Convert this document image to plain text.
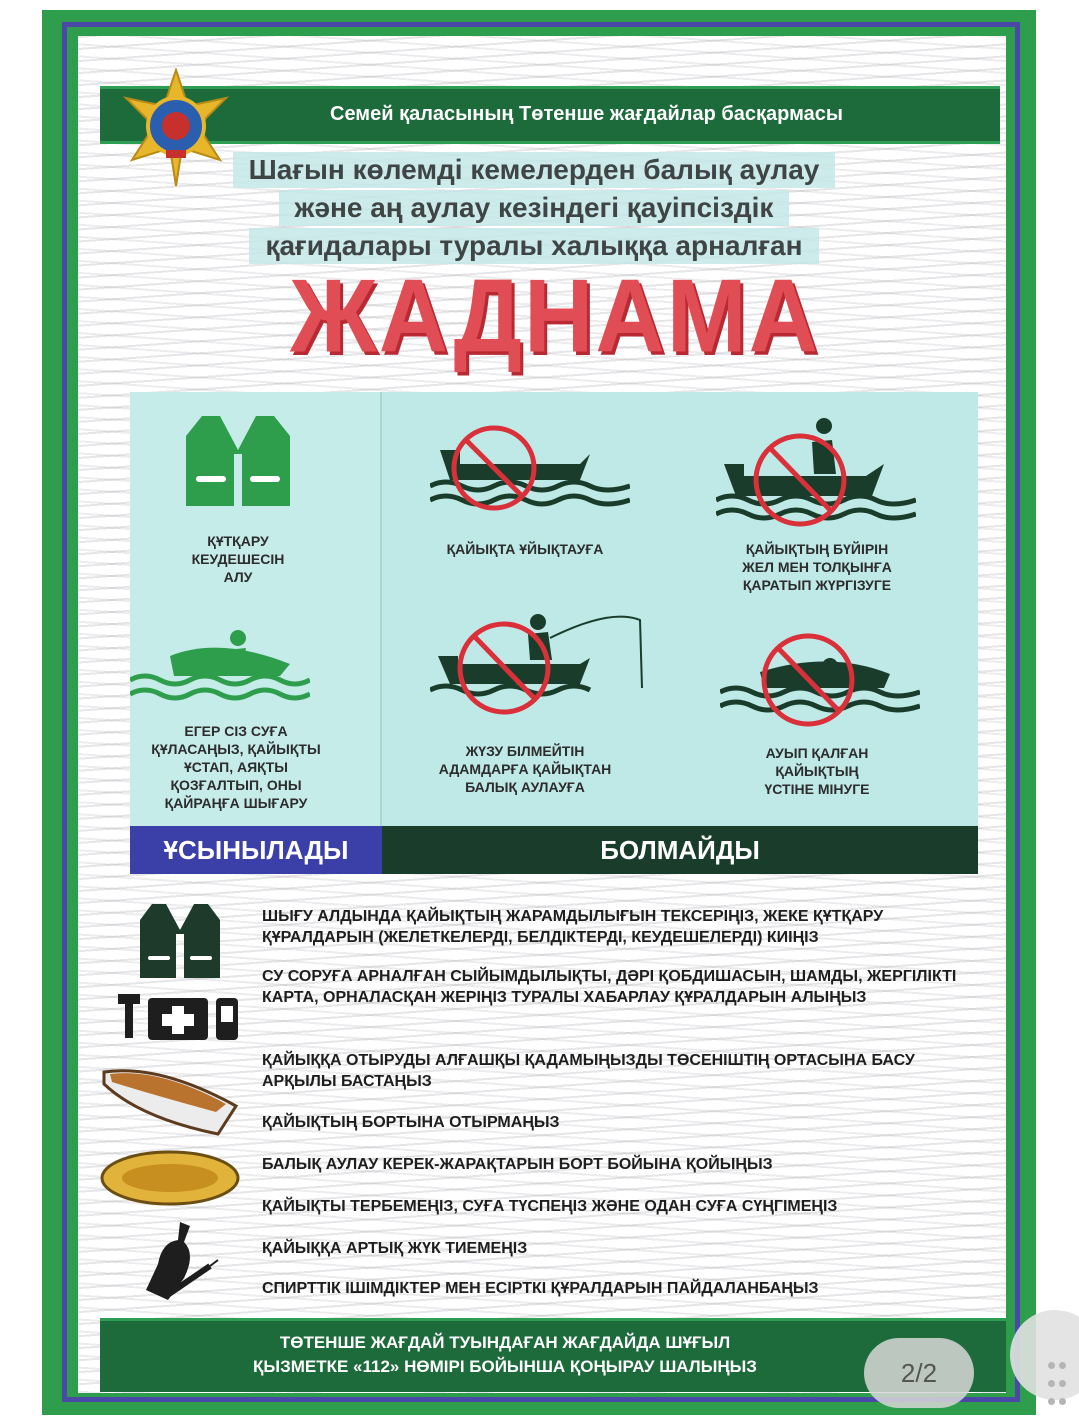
Семей қаласының Төтенше жағдайлар басқармасы
Шағын көлемді кемелерден балық аулау
және аң аулау кезіндегі қауіпсіздік
қағидалары туралы халыққа арналған
ЖАДНАМА
ҚҰТҚАРУ
КЕУДЕШЕСІН
АЛУ
ЕГЕР СІЗ СУҒА
ҚҰЛАСАҢЫЗ, ҚАЙЫҚТЫ
ҰСТАП, АЯҚТЫ
ҚОЗҒАЛТЫП, ОНЫ
ҚАЙРАҢҒА ШЫҒАРУ
ҚАЙЫҚТА ҰЙЫҚТАУҒА	ҚАЙЫҚТЫҢ БҮЙІРІН
ЖЕЛ МЕН ТОЛҚЫНҒА
ҚАРАТЫП ЖҮРГІЗУГЕ
ЖҮЗУ БІЛМЕЙТІН
АДАМДАРҒА ҚАЙЫҚТАН
БАЛЫҚ АУЛАУҒА
АУЫП ҚАЛҒАН
ҚАЙЫҚТЫҢ
ҮСТІНЕ МІНУГЕ
ҰСЫНЫЛАДЫ	БОЛМАЙДЫ
ШЫҒУ АЛДЫНДА ҚАЙЫҚТЫҢ ЖАРАМДЫЛЫҒЫН ТЕКСЕРІҢІЗ, ЖЕКЕ ҚҰТҚАРУ ҚҰРАЛДАРЫН (ЖЕЛЕТКЕЛЕРДІ, БЕЛДІКТЕРДІ, КЕУДЕШЕЛЕРДІ) КИІҢІЗ
СУ СОРУҒА АРНАЛҒАН СЫЙЫМДЫЛЫҚТЫ, ДӘРІ ҚОБДИШАСЫН, ШАМДЫ, ЖЕРГІЛІКТІ КАРТА, ОРНАЛАСҚАН ЖЕРІҢІЗ ТУРАЛЫ ХАБАРЛАУ ҚҰРАЛДАРЫН АЛЫҢЫЗ
ҚАЙЫҚҚА ОТЫРУДЫ АЛҒАШҚЫ ҚАДАМЫҢЫЗДЫ ТӨСЕНІШТІҢ ОРТАСЫНА БАСУ АРҚЫЛЫ БАСТАҢЫЗ
ҚАЙЫҚТЫҢ БОРТЫНА ОТЫРМАҢЫЗ
БАЛЫҚ АУЛАУ КЕРЕК-ЖАРАҚТАРЫН БОРТ БОЙЫНА ҚОЙЫҢЫЗ
ҚАЙЫҚТЫ ТЕРБЕМЕҢІЗ, СУҒА ТҮСПЕҢІЗ ЖӘНЕ ОДАН СУҒА СҮҢГІМЕҢІЗ
ҚАЙЫҚҚА АРТЫҚ ЖҮК ТИЕМЕҢІЗ
СПИРТТІК ІШІМДІКТЕР МЕН ЕСІРТКІ ҚҰРАЛДАРЫН ПАЙДАЛАНБАҢЫЗ
ТӨТЕНШЕ ЖАҒДАЙ ТУЫНДАҒАН ЖАҒДАЙДА ШҰҒЫЛ
ҚЫЗМЕТКЕ «112» НӨМІРІ БОЙЫНША ҚОҢЫРАУ ШАЛЫҢЫЗ
	2/2
